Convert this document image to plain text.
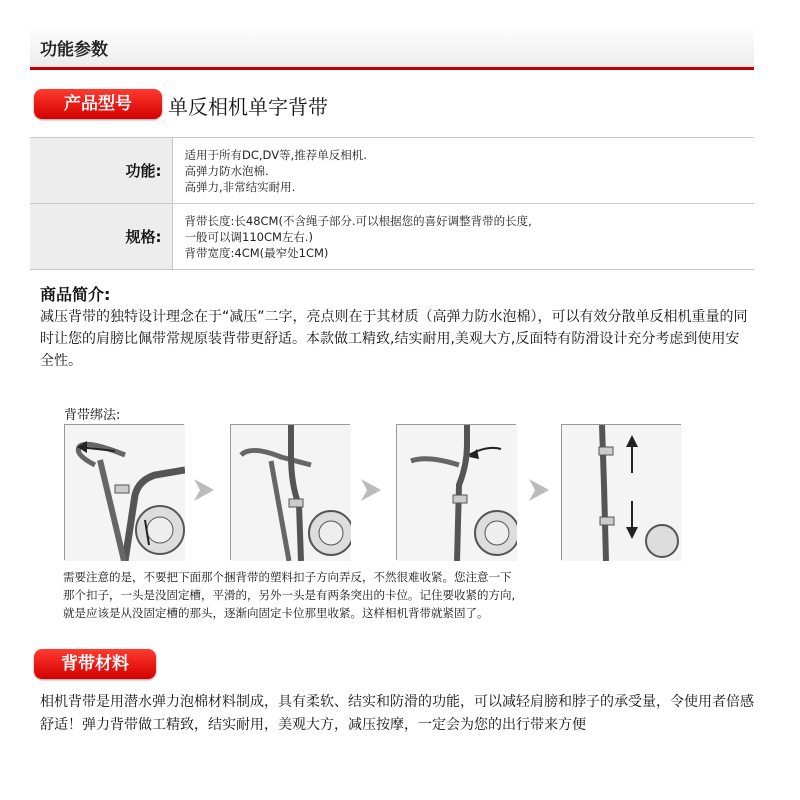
功能参数
产品型号	单反相机单字背带
功能:	适用于所有DC,DV等,推荐单反相机.
高弹力防水泡棉.
高弹力,非常结实耐用.

规格:	背带长度:长48CM(不含绳子部分.可以根据您的喜好调整背带的长度,
一般可以调110CM左右.)
背带宽度:4CM(最窄处1CM)
商品简介:
减压背带的独特设计理念在于“减压”二字，亮点则在于其材质（高弹力防水泡棉），可以有效分散单反相机重量的同时让您的肩膀比佩带常规原装背带更舒适。本款做工精致,结实耐用,美观大方,反面特有防滑设计充分考虑到使用安全性。
背带绑法:
需要注意的是，不要把下面那个捆背带的塑料扣子方向弄反，不然很难收紧。您注意一下
那个扣子，一头是没固定槽，平滑的，另外一头是有两条突出的卡位。记住要收紧的方向,
就是应该是从没固定槽的那头，逐渐向固定卡位那里收紧。这样相机背带就紧固了。
背带材料
相机背带是用潜水弹力泡棉材料制成，具有柔软、结实和防滑的功能，可以减轻肩膀和脖子的承受量，令使用者倍感舒适！弹力背带做工精致，结实耐用，美观大方，减压按摩，一定会为您的出行带来方便
